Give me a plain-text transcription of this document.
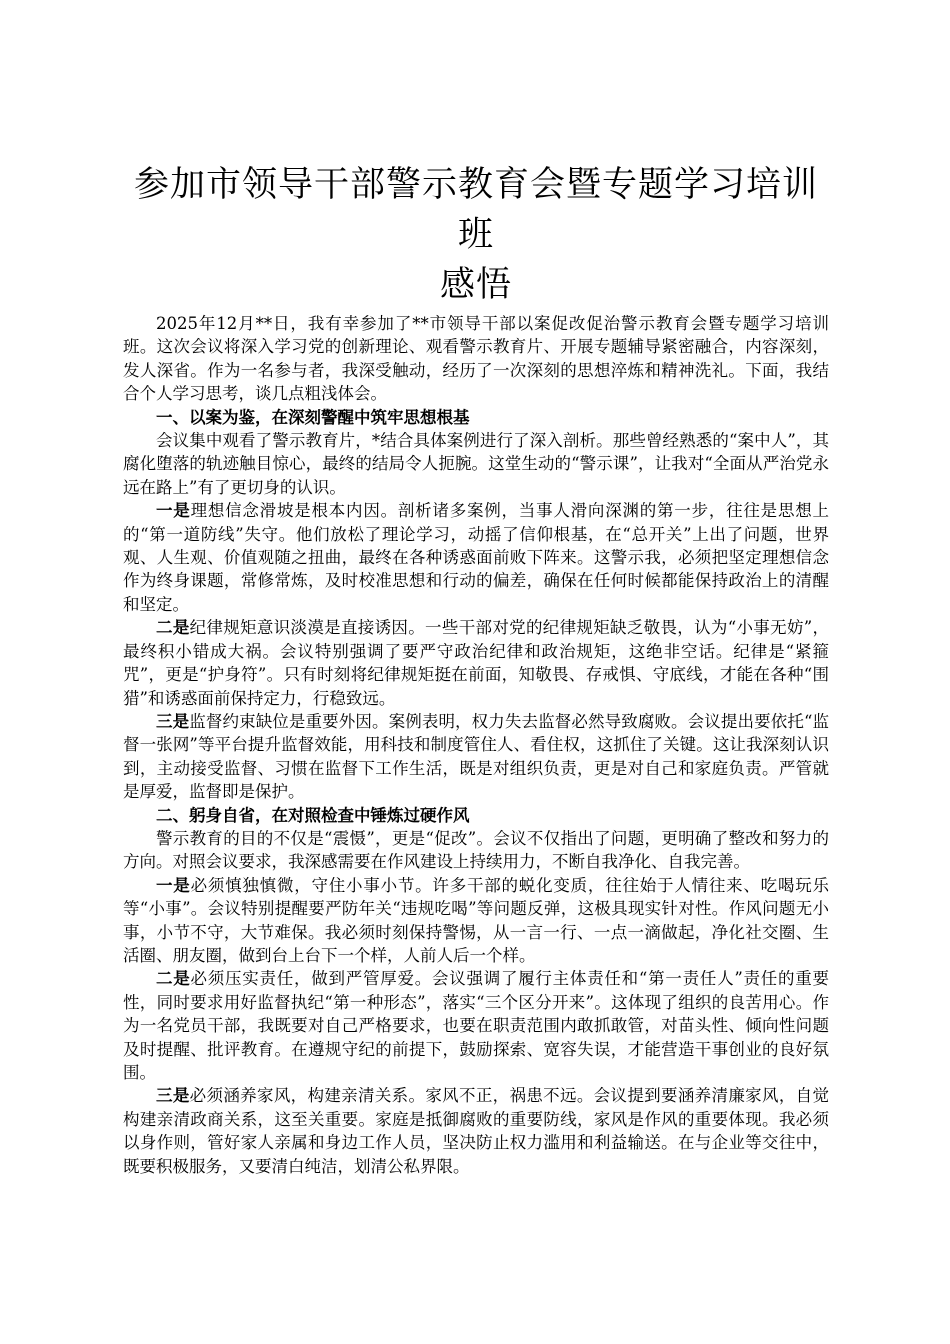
参加市领导干部警示教育会暨专题学习培训班
感悟

2025年12月**日，我有幸参加了**市领导干部以案促改促治警示教育会暨专题学习培训班。这次会议将深入学习党的创新理论、观看警示教育片、开展专题辅导紧密融合，内容深刻，发人深省。作为一名参与者，我深受触动，经历了一次深刻的思想淬炼和精神洗礼。下面，我结合个人学习思考，谈几点粗浅体会。

一、以案为鉴，在深刻警醒中筑牢思想根基

会议集中观看了警示教育片，*结合具体案例进行了深入剖析。那些曾经熟悉的“案中人”，其腐化堕落的轨迹触目惊心，最终的结局令人扼腕。这堂生动的“警示课”，让我对“全面从严治党永远在路上”有了更切身的认识。

一是理想信念滑坡是根本内因。剖析诸多案例，当事人滑向深渊的第一步，往往是思想上的“第一道防线”失守。他们放松了理论学习，动摇了信仰根基，在“总开关”上出了问题，世界观、人生观、价值观随之扭曲，最终在各种诱惑面前败下阵来。这警示我，必须把坚定理想信念作为终身课题，常修常炼，及时校准思想和行动的偏差，确保在任何时候都能保持政治上的清醒和坚定。

二是纪律规矩意识淡漠是直接诱因。一些干部对党的纪律规矩缺乏敬畏，认为“小事无妨”，最终积小错成大祸。会议特别强调了要严守政治纪律和政治规矩，这绝非空话。纪律是“紧箍咒”，更是“护身符”。只有时刻将纪律规矩挺在前面，知敬畏、存戒惧、守底线，才能在各种“围猎”和诱惑面前保持定力，行稳致远。

三是监督约束缺位是重要外因。案例表明，权力失去监督必然导致腐败。会议提出要依托“监督一张网”等平台提升监督效能，用科技和制度管住人、看住权，这抓住了关键。这让我深刻认识到，主动接受监督、习惯在监督下工作生活，既是对组织负责，更是对自己和家庭负责。严管就是厚爱，监督即是保护。

二、躬身自省，在对照检查中锤炼过硬作风

警示教育的目的不仅是“震慑”，更是“促改”。会议不仅指出了问题，更明确了整改和努力的方向。对照会议要求，我深感需要在作风建设上持续用力，不断自我净化、自我完善。

一是必须慎独慎微，守住小事小节。许多干部的蜕化变质，往往始于人情往来、吃喝玩乐等“小事”。会议特别提醒要严防年关“违规吃喝”等问题反弹，这极具现实针对性。作风问题无小事，小节不守，大节难保。我必须时刻保持警惕，从一言一行、一点一滴做起，净化社交圈、生活圈、朋友圈，做到台上台下一个样，人前人后一个样。

二是必须压实责任，做到严管厚爱。会议强调了履行主体责任和“第一责任人”责任的重要性，同时要求用好监督执纪“第一种形态”，落实“三个区分开来”。这体现了组织的良苦用心。作为一名党员干部，我既要对自己严格要求，也要在职责范围内敢抓敢管，对苗头性、倾向性问题及时提醒、批评教育。在遵规守纪的前提下，鼓励探索、宽容失误，才能营造干事创业的良好氛围。

三是必须涵养家风，构建亲清关系。家风不正，祸患不远。会议提到要涵养清廉家风，自觉构建亲清政商关系，这至关重要。家庭是抵御腐败的重要防线，家风是作风的重要体现。我必须以身作则，管好家人亲属和身边工作人员，坚决防止权力滥用和利益输送。在与企业等交往中，既要积极服务，又要清白纯洁，划清公私界限。
